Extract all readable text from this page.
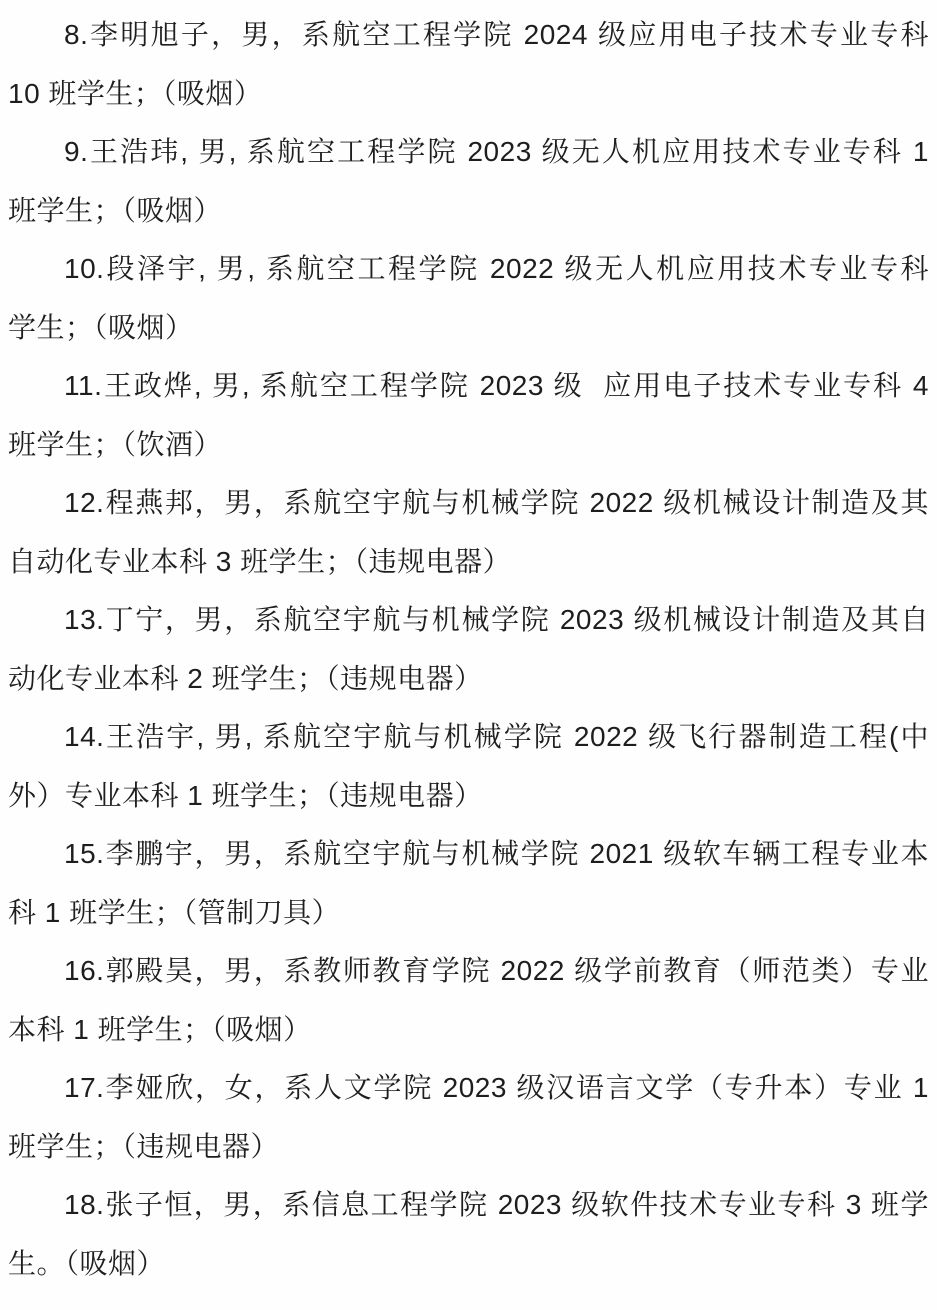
8.李明旭子，男，系航空工程学院 2024 级应用电子技术专业专科
10 班学生；（吸烟）
9.王浩玮, 男, 系航空工程学院 2023 级无人机应用技术专业专科 1
班学生；（吸烟）
10.段泽宇, 男, 系航空工程学院 2022 级无人机应用技术专业专科
学生；（吸烟）
11.王政烨, 男, 系航空工程学院 2023 级  应用电子技术专业专科 4
班学生；（饮酒）
12.程燕邦，男，系航空宇航与机械学院 2022 级机械设计制造及其
自动化专业本科 3 班学生；（违规电器）
13.丁宁，男，系航空宇航与机械学院 2023 级机械设计制造及其自
动化专业本科 2 班学生；（违规电器）
14.王浩宇, 男, 系航空宇航与机械学院 2022 级飞行器制造工程(中
外）专业本科 1 班学生；（违规电器）
15.李鹏宇，男，系航空宇航与机械学院 2021 级软车辆工程专业本
科 1 班学生；（管制刀具）
16.郭殿昊，男，系教师教育学院 2022 级学前教育（师范类）专业
本科 1 班学生；（吸烟）
17.李娅欣，女，系人文学院 2023 级汉语言文学（专升本）专业 1
班学生；（违规电器）
18.张子恒，男，系信息工程学院 2023 级软件技术专业专科 3 班学
生。（吸烟）
